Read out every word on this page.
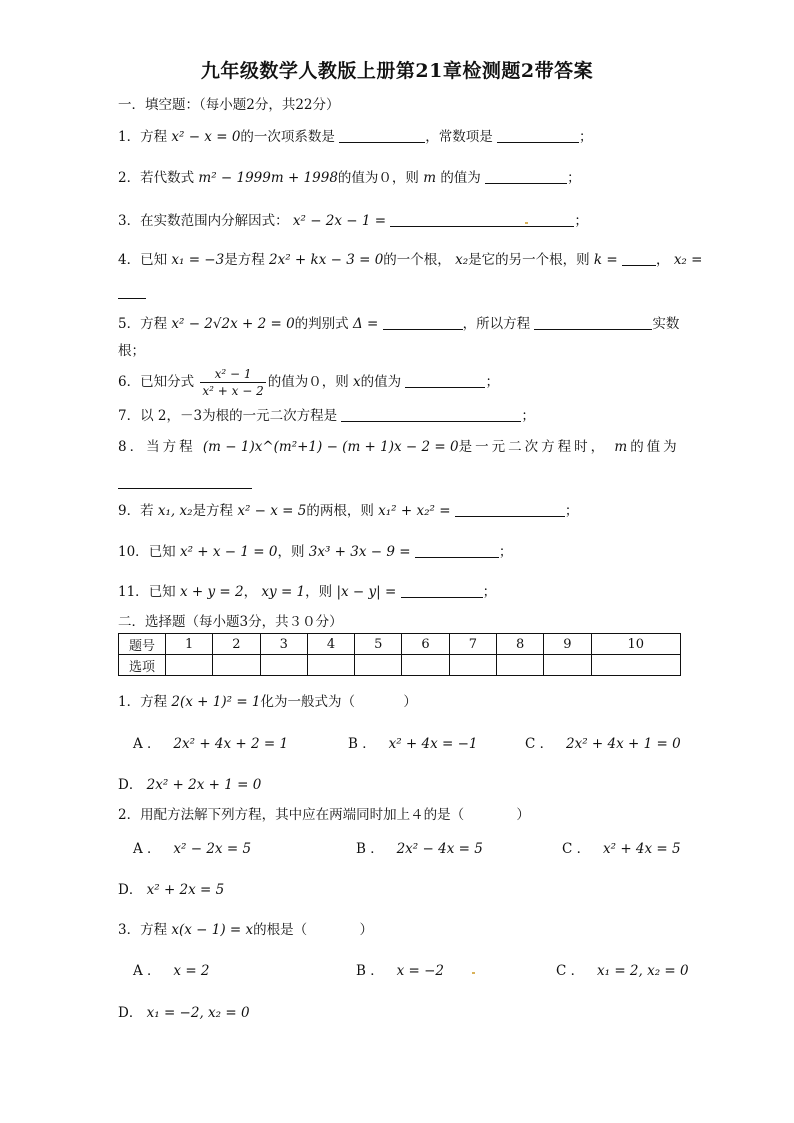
九年级数学人教版上册第21章检测题2带答案
一．填空题：（每小题2分，共22分）
1．方程 x² − x = 0的一次项系数是	，常数项是	；
2．若代数式 m² − 1999m + 1998的值为０，则 m 的值为	；
3．在实数范围内分解因式： x² − 2x − 1 =	；
4．已知 x₁ = −3是方程 2x² + kx − 3 = 0的一个根， x₂是它的另一个根，则 k =	， x₂ =
5．方程 x² − 2√2x + 2 = 0的判别式 Δ =	，所以方程	实数
根；
6．已知分式 $\frac{\text{x² − 1}}{\text{x² + x − 2}}$ 的值为０，则 x的值为	；
7．以 2，－3为根的一元二次方程是	；
8．当方程 (m − 1)x^(m²+1) − (m + 1)x − 2 = 0是一元二次方程时， m的值为
9．若 x₁, x₂是方程 x² − x = 5的两根，则 x₁² + x₂² =	；
10．已知 x² + x − 1 = 0，则 3x³ + 3x − 9 =	；
11．已知 x + y = 2， xy = 1，则 |x − y| =	；
二．选择题（每小题3分，共３０分）
题号	1	2	3	4	5	6	7	8	9	10
选项										
1．方程 2(x + 1)² = 1化为一般式为（	）
A ． 2x² + 4x + 2 = 1	B ． x² + 4x = −1	C ． 2x² + 4x + 1 = 0
D． 2x² + 2x + 1 = 0
2．用配方法解下列方程，其中应在两端同时加上４的是（	）
A ． x² − 2x = 5	B ． 2x² − 4x = 5	C ． x² + 4x = 5
D． x² + 2x = 5
3．方程 x(x − 1) = x的根是（	）
A ． x = 2	B ． x = −2	C ． x₁ = 2, x₂ = 0
D． x₁ = −2, x₂ = 0
